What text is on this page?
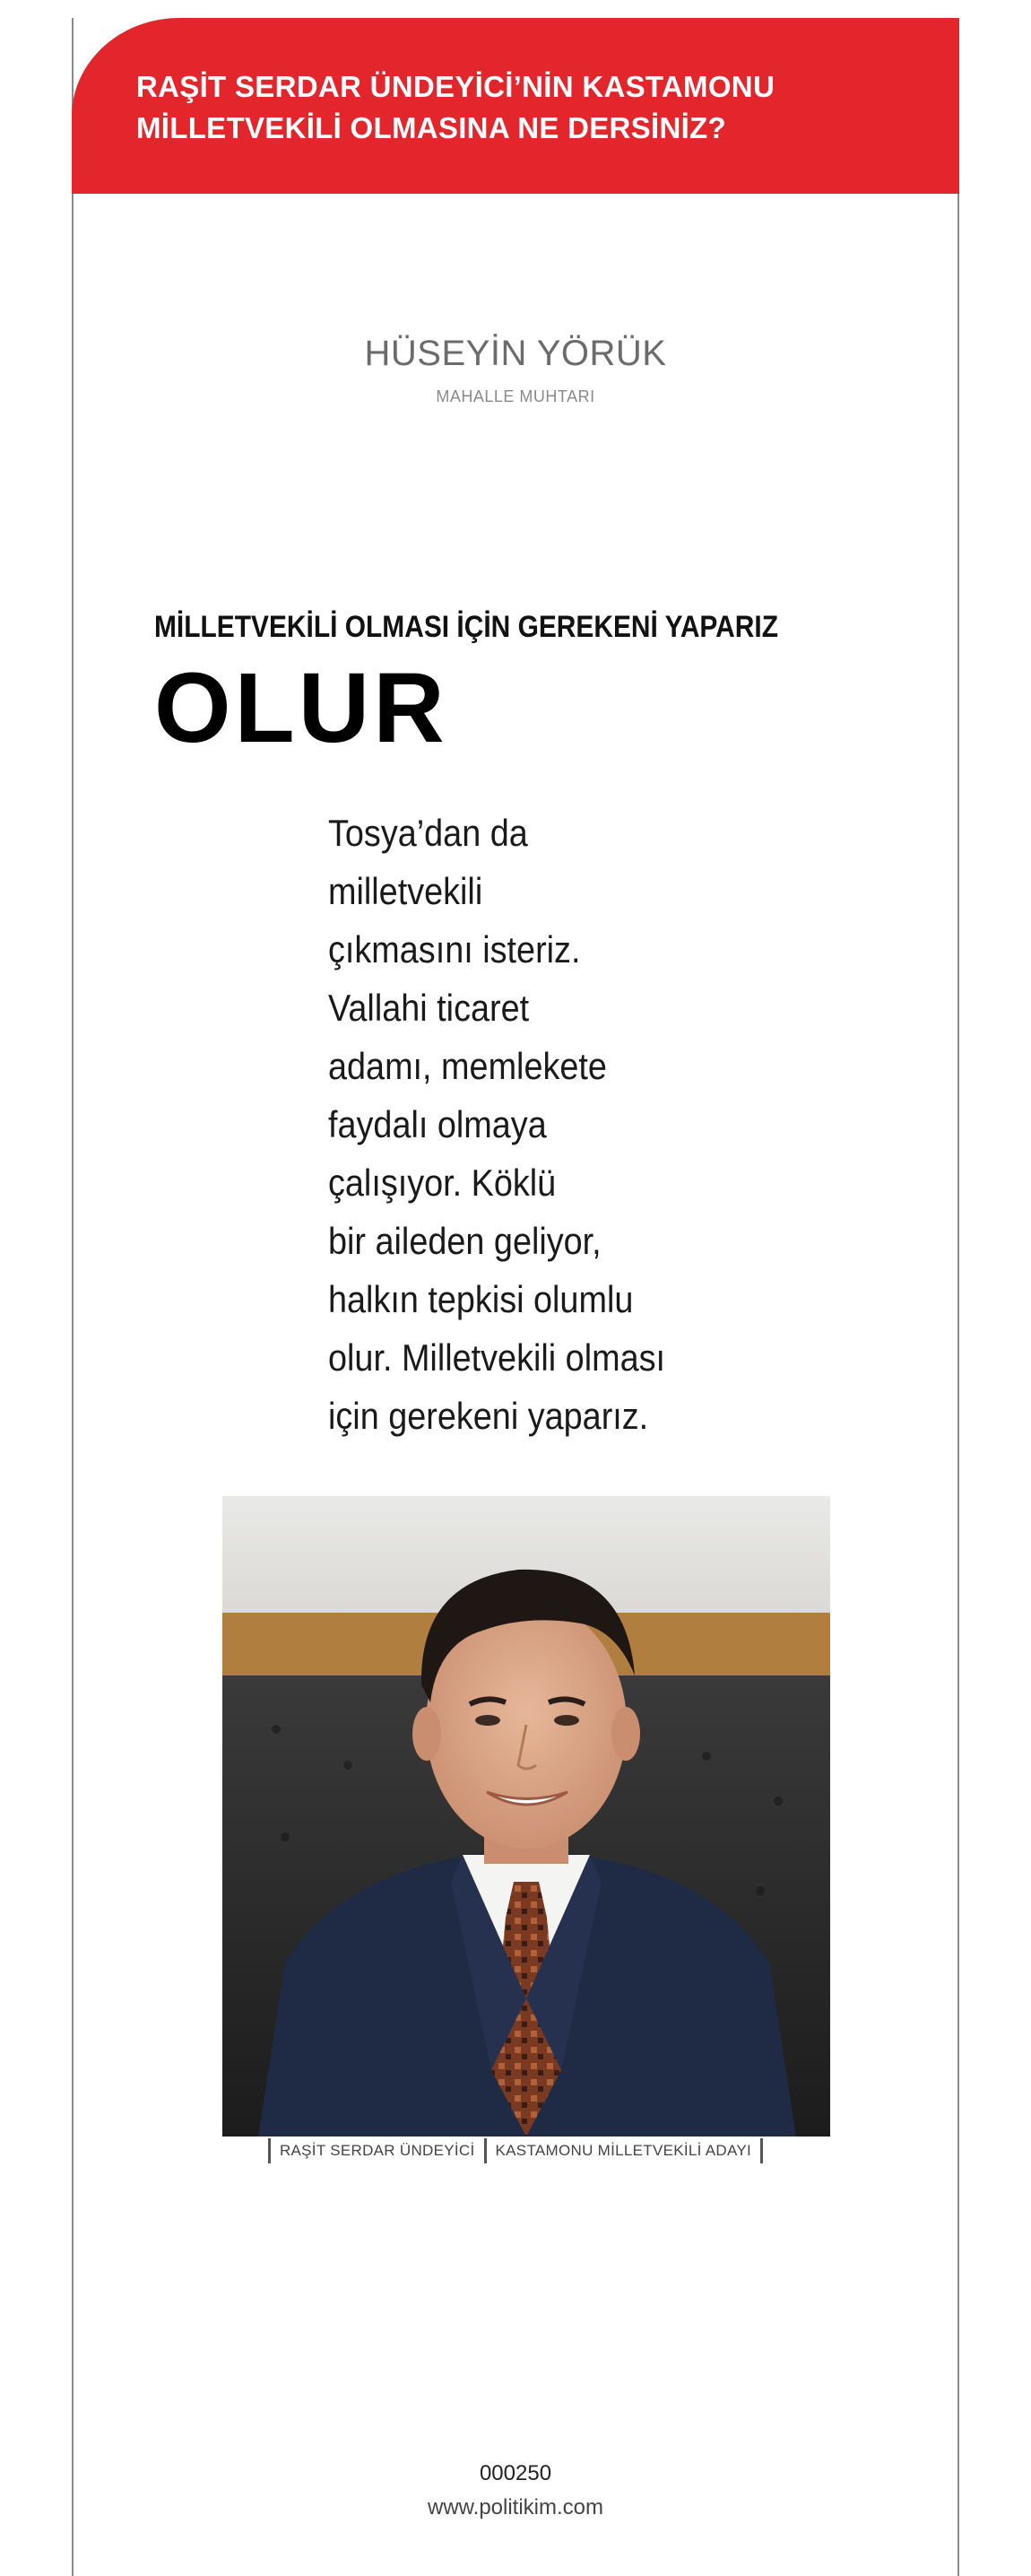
RAŞİT SERDAR ÜNDEYİCİ’NİN KASTAMONU
MİLLETVEKİLİ OLMASINA NE DERSİNİZ?
HÜSEYİN YÖRÜK
MAHALLE MUHTARI
MİLLETVEKİLİ OLMASI İÇİN GEREKENİ YAPARIZ
OLUR
Tosya’dan da
milletvekili
çıkmasını isteriz.
Vallahi ticaret
adamı, memlekete
faydalı olmaya
çalışıyor. Köklü
bir aileden geliyor,
halkın tepkisi olumlu
olur. Milletvekili olması
için gerekeni yaparız.
RAŞİT SERDAR ÜNDEYİCİ KASTAMONU MİLLETVEKİLİ ADAYI
000250
www.politikim.com
